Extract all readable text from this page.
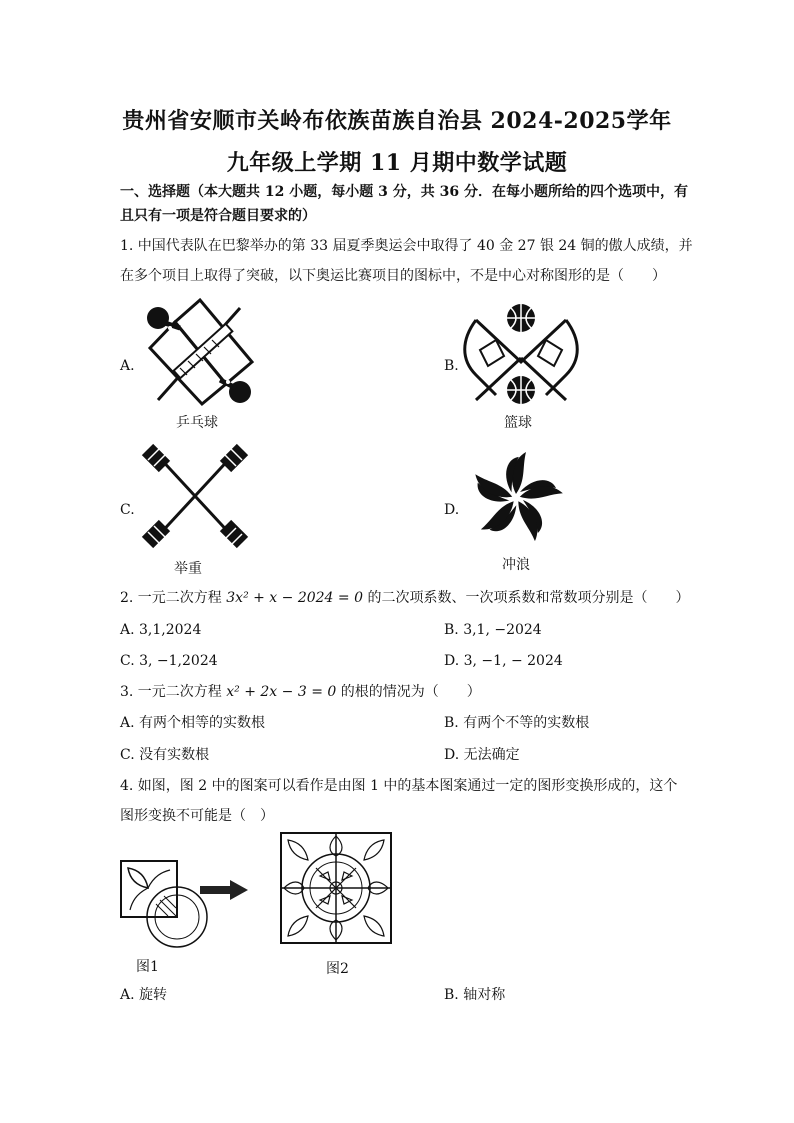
贵州省安顺市关岭布依族苗族自治县 2024-2025学年
九年级上学期 11 月期中数学试题
一、选择题（本大题共 12 小题，每小题 3 分，共 36 分．在每小题所给的四个选项中，有
且只有一项是符合题目要求的）
1. 中国代表队在巴黎举办的第 33 届夏季奥运会中取得了 40 金 27 银 24 铜的傲人成绩，并
在多个项目上取得了突破，以下奥运比赛项目的图标中，不是中心对称图形的是（　　）
A.
乒乓球
B.
篮球
C.
举重
D.
冲浪
2. 一元二次方程 3x² + x − 2024 = 0 的二次项系数、一次项系数和常数项分别是（　　）
A. 3,1,2024	B. 3,1, −2024
C. 3, −1,2024	D. 3, −1, − 2024
3. 一元二次方程 x² + 2x − 3 = 0 的根的情况为（　　）
A. 有两个相等的实数根	B. 有两个不等的实数根
C. 没有实数根	D. 无法确定
4. 如图，图 2 中的图案可以看作是由图 1 中的基本图案通过一定的图形变换形成的，这个
图形变换不可能是（　）
图1	图2
A. 旋转	B. 轴对称
